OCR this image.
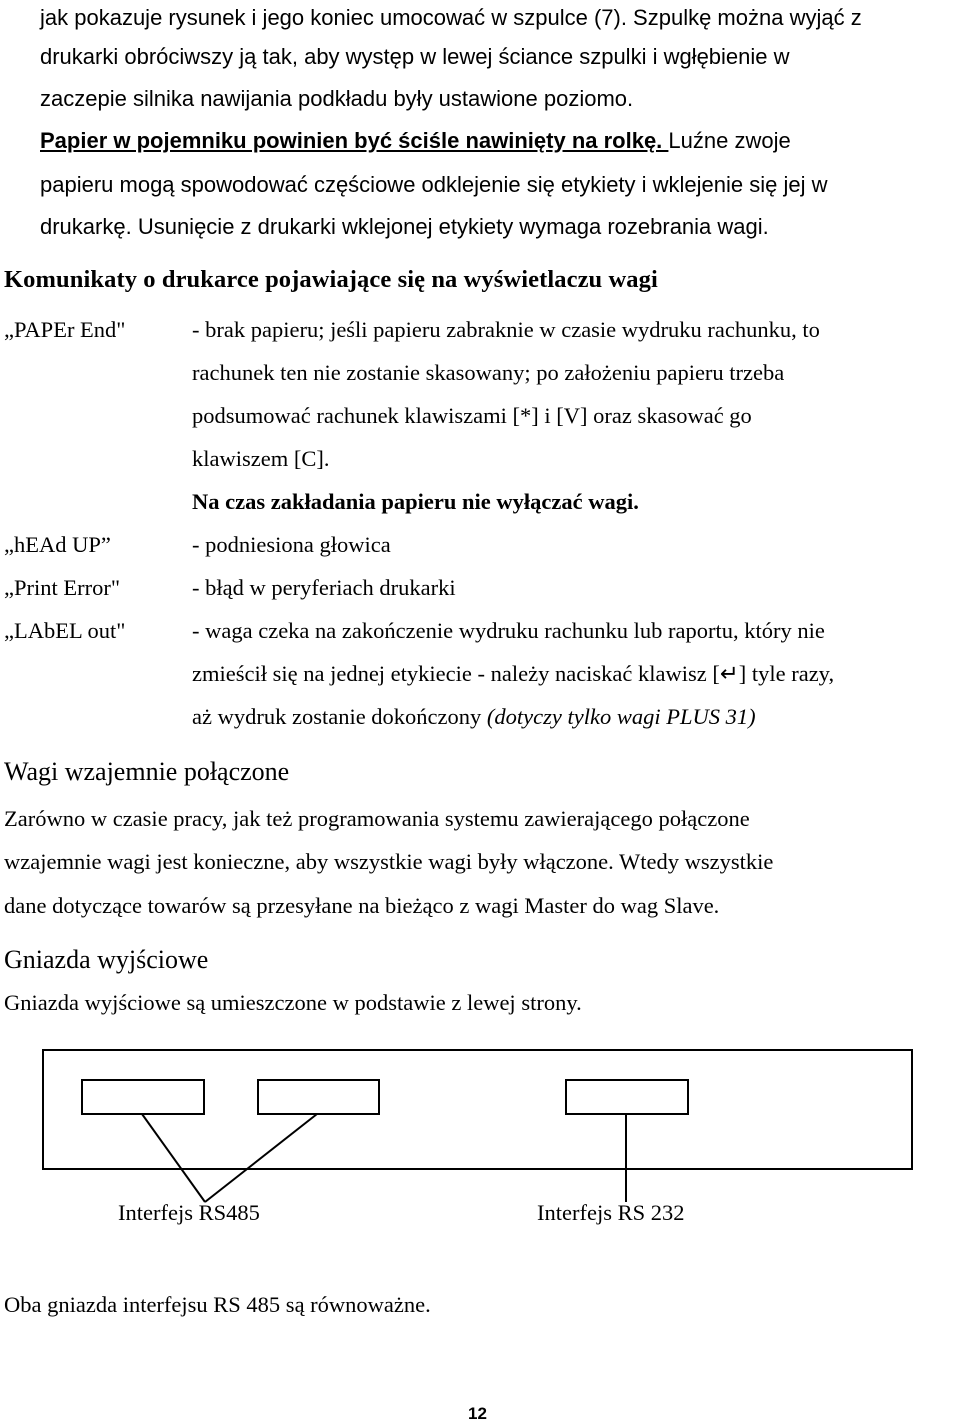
jak pokazuje rysunek i jego koniec umocować w szpulce (7). Szpulkę można wyjąć z
drukarki obróciwszy ją tak, aby występ w lewej ściance szpulki i wgłębienie w
zaczepie silnika nawijania podkładu były ustawione poziomo.
Papier w pojemniku powinien być ściśle nawinięty na rolkę. Luźne zwoje
papieru mogą spowodować częściowe odklejenie się etykiety i wklejenie się jej w
drukarkę. Usunięcie z drukarki wklejonej etykiety wymaga rozebrania wagi.
Komunikaty o drukarce pojawiające się na wyświetlaczu wagi
„PAPEr End"	- brak papieru; jeśli papieru zabraknie w czasie wydruku rachunku, to
rachunek ten nie zostanie skasowany; po założeniu papieru trzeba
podsumować rachunek klawiszami [*] i [V] oraz skasować go
klawiszem [C].
Na czas zakładania papieru nie wyłączać wagi.
„hEAd UP”	- podniesiona głowica
„Print Error"	- błąd w peryferiach drukarki
„LAbEL out"	- waga czeka na zakończenie wydruku rachunku lub raportu, który nie
zmieścił się na jednej etykiecie - należy naciskać klawisz [↵] tyle razy,
aż wydruk zostanie dokończony (dotyczy tylko wagi PLUS 31)
Wagi wzajemnie połączone
Zarówno w czasie pracy, jak też programowania systemu zawierającego połączone
wzajemnie wagi jest konieczne, aby wszystkie wagi były włączone. Wtedy wszystkie
dane dotyczące towarów są przesyłane na bieżąco z wagi Master do wag Slave.
Gniazda wyjściowe
Gniazda wyjściowe są umieszczone w podstawie z lewej strony.
Interfejs RS485	Interfejs RS 232
Oba gniazda interfejsu RS 485 są równoważne.
12
